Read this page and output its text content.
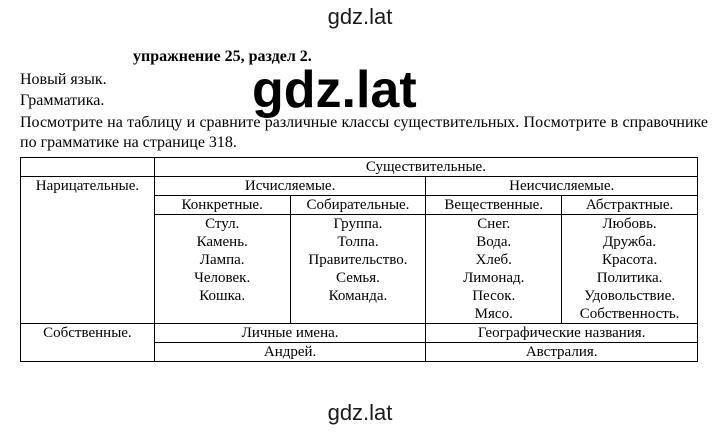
gdz.lat
упражнение 25, раздел 2.
Новый язык.
Грамматика.
Посмотрите на таблицу и сравните различные классы существительных. Посмотрите в справочнике по грамматике на странице 318.
	Существительные.			
Нарицательные.	Исчисляемые.		Неисчисляемые.	
	Конкретные.	Собирательные.	Вещественные.	Абстрактные.
	Стул.	Группа.	Снег.	Любовь.
	Камень.	Толпа.	Вода.	Дружба.
	Лампа.	Правительство.	Хлеб.	Красота.
	Человек.	Семья.	Лимонад.	Политика.
	Кошка.	Команда.	Песок.	Удовольствие.
			Мясо.	Собственность.
Собственные.	Личные имена.		Географические названия.	
	Андрей.		Австралия.	
gdz.lat
gdz.lat
